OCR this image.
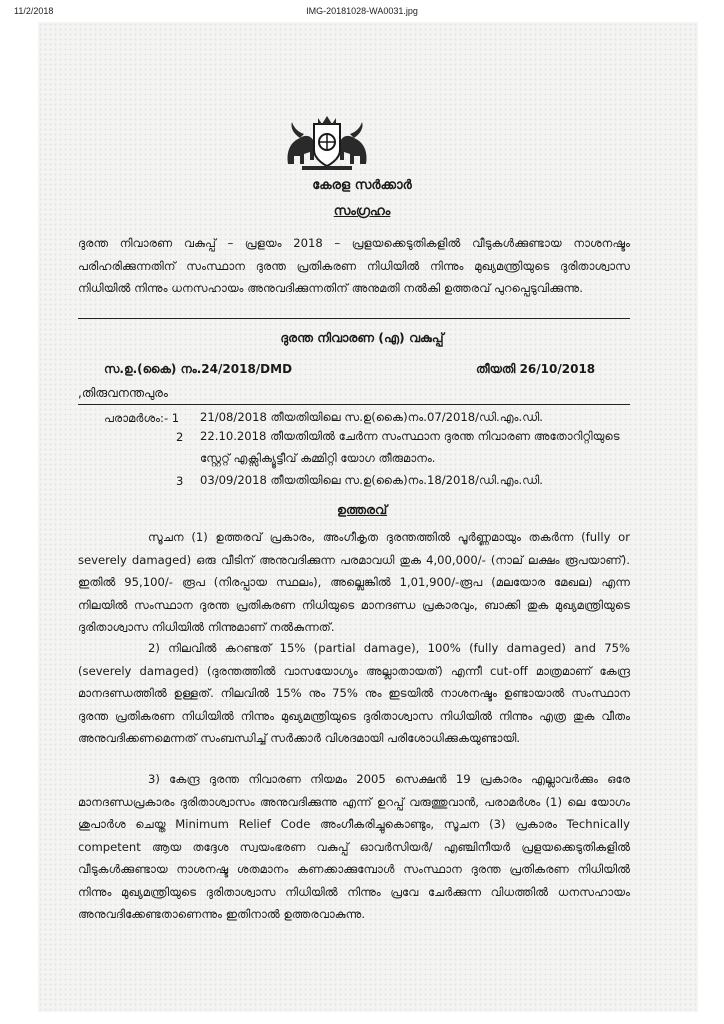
11/2/2018	IMG-20181028-WA0031.jpg
കേരള സർക്കാർ
സംഗ്രഹം
ദുരന്ത നിവാരണ വകുപ്പ് – പ്രളയം 2018 – പ്രളയക്കെടുതികളിൽ വീടുകൾക്കുണ്ടായ നാശനഷ്ടം പരിഹരിക്കുന്നതിന് സംസ്ഥാന ദുരന്ത പ്രതികരണ നിധിയിൽ നിന്നും മുഖ്യമന്ത്രിയുടെ ദുരിതാശ്വാസ നിധിയിൽ നിന്നും ധനസഹായം അനുവദിക്കുന്നതിന് അനുമതി നൽകി ഉത്തരവ് പുറപ്പെടുവിക്കുന്നു.
ദുരന്ത നിവാരണ (എ) വകുപ്പ്
സ.ഉ.(കൈ) നം.24/2018/DMD	തീയതി 26/10/2018
,തിരുവനന്തപുരം
പരാമർശം:- 1 21/08/2018 തീയതിയിലെ സ.ഉ(കൈ)നം.07/2018/ഡി.എം.ഡി.
2 22.10.2018 തീയതിയിൽ ചേർന്ന സംസ്ഥാന ദുരന്ത നിവാരണ അതോറിറ്റിയുടെ സ്റ്റേറ്റ് എക്സിക്യൂട്ടീവ് കമ്മിറ്റി യോഗ തീരുമാനം.
3 03/09/2018 തീയതിയിലെ സ.ഉ(കൈ)നം.18/2018/ഡി.എം.ഡി.
ഉത്തരവ്
സൂചന (1) ഉത്തരവ് പ്രകാരം, അംഗീകൃത ദുരന്തത്തിൽ പൂർണ്ണമായും തകർന്ന (fully or severely damaged) ഒരു വീടിന് അനുവദിക്കുന്ന പരമാവധി തുക 4,00,000/- (നാല് ലക്ഷം രൂപയാണ്). ഇതിൽ 95,100/- രൂപ (നിരപ്പായ സ്ഥലം), അല്ലെങ്കിൽ 1,01,900/-രൂപ (മലയോര മേഖല) എന്ന നിലയിൽ സംസ്ഥാന ദുരന്ത പ്രതികരണ നിധിയുടെ മാനദണ്ഡ പ്രകാരവും, ബാക്കി തുക മുഖ്യമന്ത്രിയുടെ ദുരിതാശ്വാസ നിധിയിൽ നിന്നുമാണ് നൽകുന്നത്.
2) നിലവിൽ കറണ്ടത് 15% (partial damage), 100% (fully damaged) and 75% (severely damaged) (ദുരന്തത്തിൽ വാസയോഗ്യം അല്ലാതായത്) എന്നീ cut-off മാത്രമാണ് കേന്ദ്ര മാനദണ്ഡത്തിൽ ഉള്ളത്. നിലവിൽ 15% നും 75% നും ഇടയിൽ നാശനഷ്ടം ഉണ്ടായാൽ സംസ്ഥാന ദുരന്ത പ്രതികരണ നിധിയിൽ നിന്നും മുഖ്യമന്ത്രിയുടെ ദുരിതാശ്വാസ നിധിയിൽ നിന്നും എത്ര തുക വീതം അനുവദിക്കണമെന്നത് സംബന്ധിച്ച് സർക്കാർ വിശദമായി പരിശോധിക്കുകയുണ്ടായി.
3) കേന്ദ്ര ദുരന്ത നിവാരണ നിയമം 2005 സെക്ഷൻ 19 പ്രകാരം എല്ലാവർക്കും ഒരേ മാനദണ്ഡപ്രകാരം ദുരിതാശ്വാസം അനുവദിക്കുന്നു എന്ന് ഉറപ്പ് വരുത്തുവാൻ, പരാമർശം (1) ലെ യോഗം ശുപാർശ ചെയ്ത Minimum Relief Code അംഗീകരിച്ചുകൊണ്ടും, സൂചന (3) പ്രകാരം Technically competent ആയ തദ്ദേശ സ്വയംഭരണ വകുപ്പ് ഓവർസിയർ/ എഞ്ചിനീയർ പ്രളയക്കെടുതികളിൽ വീടുകൾക്കുണ്ടായ നാശനഷ്ട ശതമാനം കണക്കാക്കുമ്പോൾ സംസ്ഥാന ദുരന്ത പ്രതികരണ നിധിയിൽ നിന്നും മുഖ്യമന്ത്രിയുടെ ദുരിതാശ്വാസ നിധിയിൽ നിന്നും പ്രവേ ചേർക്കുന്ന വിധത്തിൽ ധനസഹായം അനുവദിക്കേണ്ടതാണെന്നും ഇതിനാൽ ഉത്തരവാകുന്നു.
